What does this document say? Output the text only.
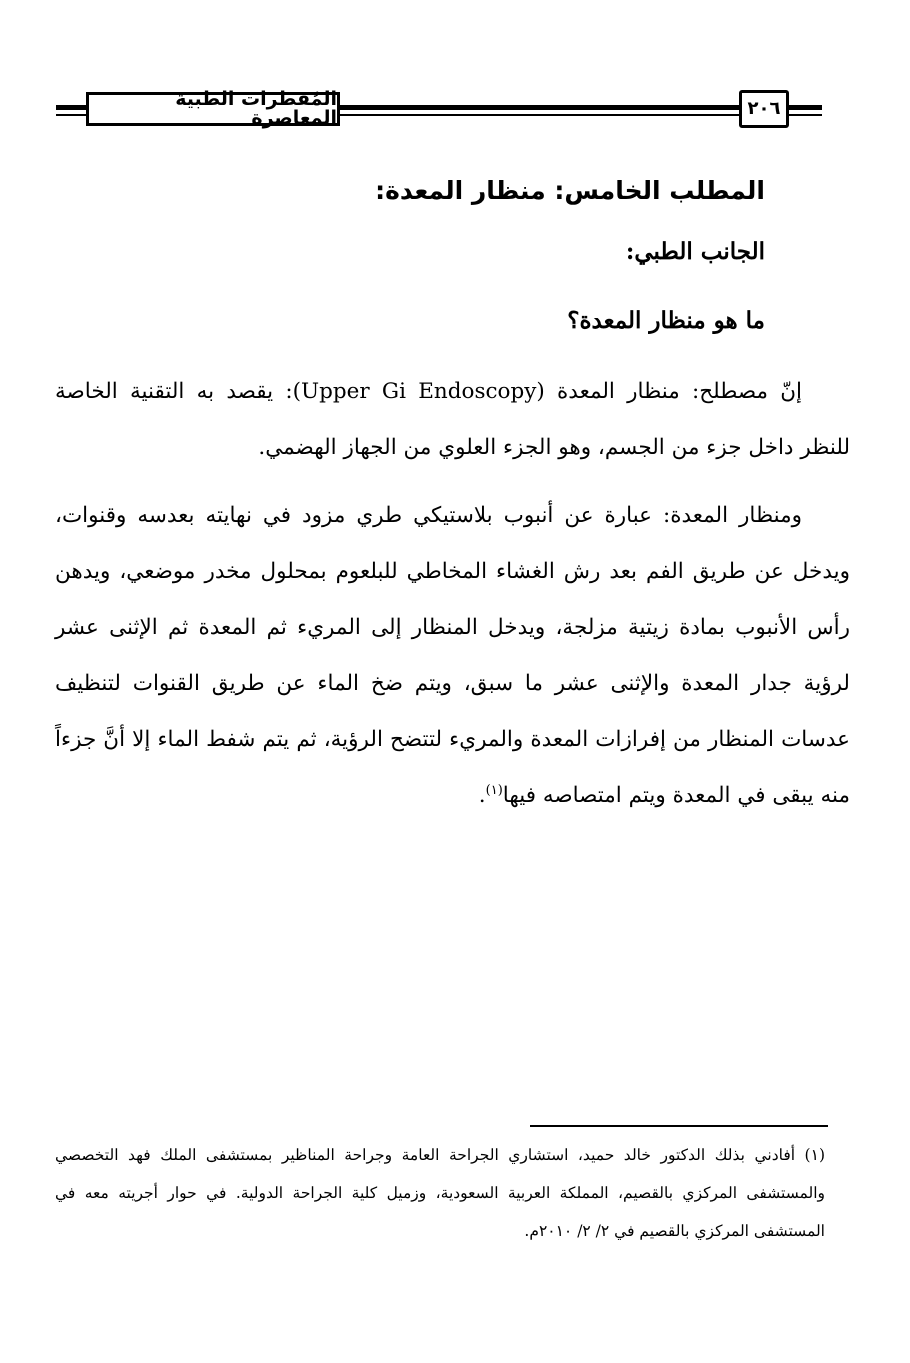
المُفطرات الطبية المعاصرة	٢٠٦
المطلب الخامس: منظار المعدة:
الجانب الطبي:
ما هو منظار المعدة؟

إنّ مصطلح: منظار المعدة (Upper Gi Endoscopy): يقصد به التقنية الخاصة للنظر داخل جزء من الجسم، وهو الجزء العلوي من الجهاز الهضمي.

ومنظار المعدة: عبارة عن أنبوب بلاستيكي طري مزود في نهايته بعدسه وقنوات، ويدخل عن طريق الفم بعد رش الغشاء المخاطي للبلعوم بمحلول مخدر موضعي، ويدهن رأس الأنبوب بمادة زيتية مزلجة، ويدخل المنظار إلى المريء ثم المعدة ثم الإثنى عشر لرؤية جدار المعدة والإثنى عشر ما سبق، ويتم ضخ الماء عن طريق القنوات لتنظيف عدسات المنظار من إفرازات المعدة والمريء لتتضح الرؤية، ثم يتم شفط الماء إلا أنَّ جزءاً منه يبقى في المعدة ويتم امتصاصه فيها$^{(١)}$.

(١) أفادني بذلك الدكتور خالد حميد، استشاري الجراحة العامة وجراحة المناظير بمستشفى الملك فهد التخصصي والمستشفى المركزي بالقصيم، المملكة العربية السعودية، وزميل كلية الجراحة الدولية. في حوار أجريته معه في المستشفى المركزي بالقصيم في ٢/ ٢/ ٢٠١٠م.
